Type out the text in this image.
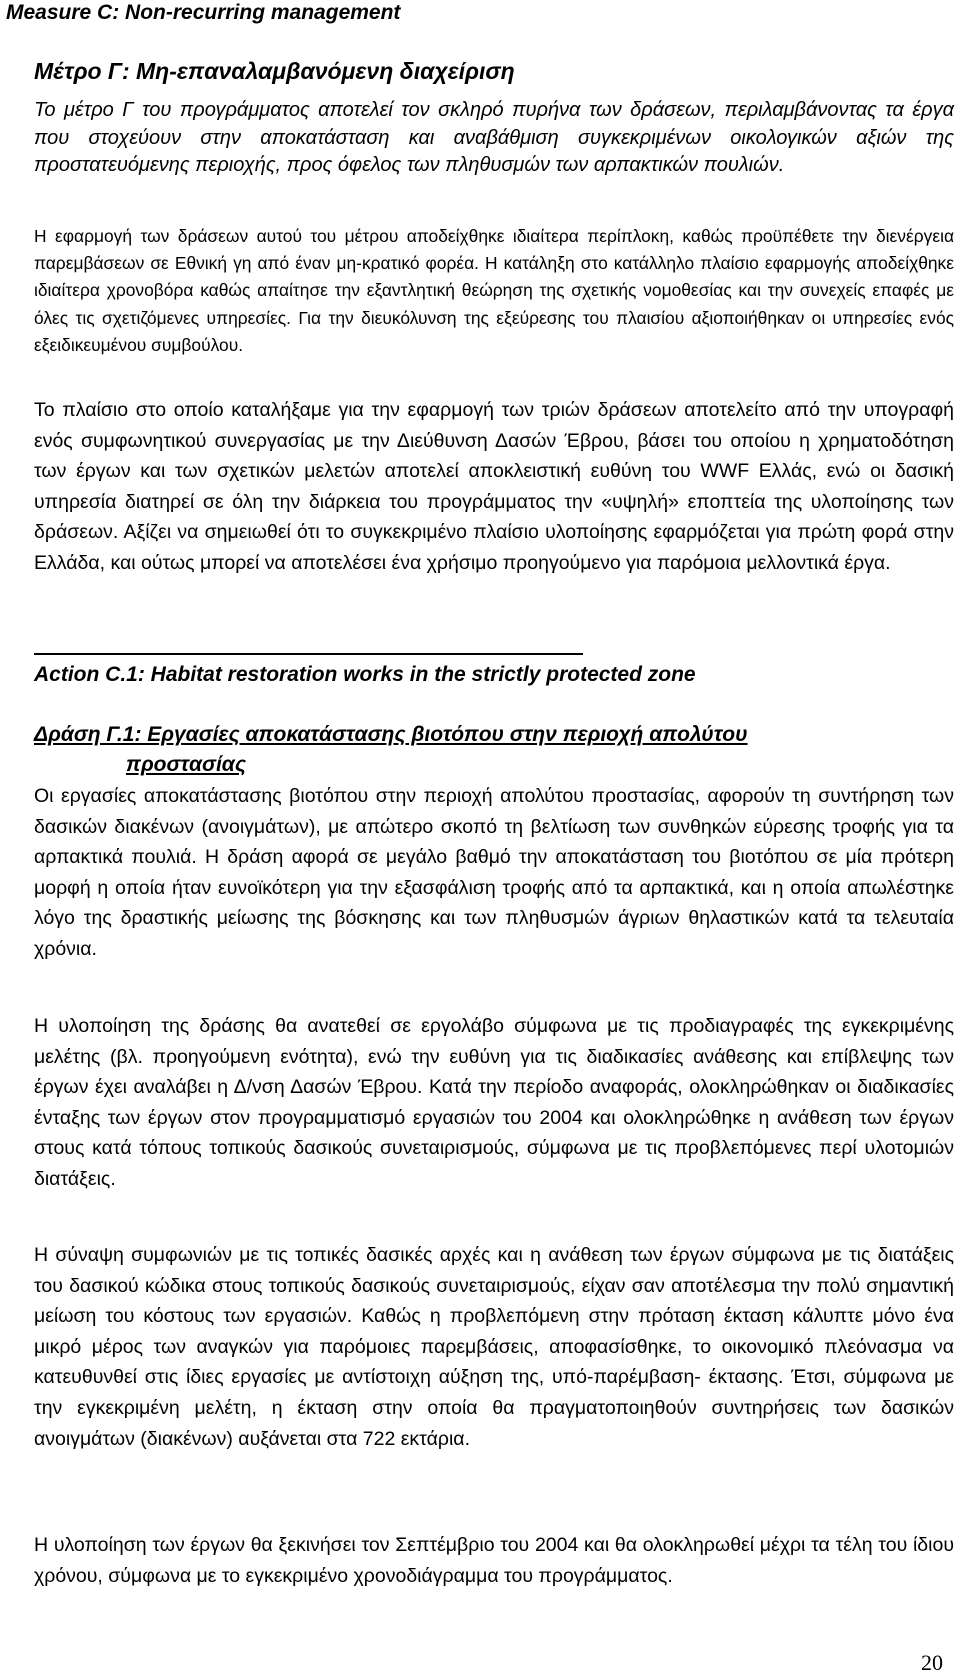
Measure C: Non-recurring management
Μέτρο Γ: Μη-επαναλαμβανόμενη διαχείριση

Το μέτρο Γ του προγράμματος αποτελεί τον σκληρό πυρήνα των δράσεων, περιλαμβάνοντας τα έργα που στοχεύουν στην αποκατάσταση και αναβάθμιση συγκεκριμένων οικολογικών αξιών της προστατευόμενης περιοχής, προς όφελος των πληθυσμών των αρπακτικών πουλιών.

Η εφαρμογή των δράσεων αυτού του μέτρου αποδείχθηκε ιδιαίτερα περίπλοκη, καθώς προϋπέθετε την διενέργεια παρεμβάσεων σε Εθνική γη από έναν μη-κρατικό φορέα. Η κατάληξη στο κατάλληλο πλαίσιο εφαρμογής αποδείχθηκε ιδιαίτερα χρονοβόρα καθώς απαίτησε την εξαντλητική θεώρηση της σχετικής νομοθεσίας και την συνεχείς επαφές με όλες τις σχετιζόμενες υπηρεσίες. Για την διευκόλυνση της εξεύρεσης του πλαισίου αξιοποιήθηκαν οι υπηρεσίες ενός εξειδικευμένου συμβούλου.

Το πλαίσιο στο οποίο καταλήξαμε για την εφαρμογή των τριών δράσεων αποτελείτο από την υπογραφή ενός συμφωνητικού συνεργασίας με την Διεύθυνση Δασών Έβρου, βάσει του οποίου η χρηματοδότηση των έργων και των σχετικών μελετών αποτελεί αποκλειστική ευθύνη του WWF Ελλάς, ενώ οι δασική υπηρεσία διατηρεί σε όλη την διάρκεια του προγράμματος την «υψηλή» εποπτεία της υλοποίησης των δράσεων. Αξίζει να σημειωθεί ότι το συγκεκριμένο πλαίσιο υλοποίησης εφαρμόζεται για πρώτη φορά στην Ελλάδα, και ούτως μπορεί να αποτελέσει ένα χρήσιμο προηγούμενο για παρόμοια μελλοντικά έργα.

Action C.1: Habitat restoration works in the strictly protected zone
Δράση Γ.1: Εργασίες αποκατάστασης βιοτόπου στην περιοχή απολύτου
προστασίας

Οι εργασίες αποκατάστασης βιοτόπου στην περιοχή απολύτου προστασίας, αφορούν τη συντήρηση των δασικών διακένων (ανοιγμάτων), με απώτερο σκοπό τη βελτίωση των συνθηκών εύρεσης τροφής για τα αρπακτικά πουλιά. Η δράση αφορά σε μεγάλο βαθμό την αποκατάσταση του βιοτόπου σε μία πρότερη μορφή η οποία ήταν ευνοϊκότερη για την εξασφάλιση τροφής από τα αρπακτικά, και η οποία απωλέστηκε λόγο της δραστικής μείωσης της βόσκησης και των πληθυσμών άγριων θηλαστικών κατά τα τελευταία χρόνια.

Η υλοποίηση της δράσης θα ανατεθεί σε εργολάβο σύμφωνα με τις προδιαγραφές της εγκεκριμένης μελέτης (βλ. προηγούμενη ενότητα), ενώ την ευθύνη για τις διαδικασίες ανάθεσης και επίβλεψης των έργων έχει αναλάβει η Δ/νση Δασών Έβρου. Κατά την περίοδο αναφοράς, ολοκληρώθηκαν οι διαδικασίες ένταξης των έργων στον προγραμματισμό εργασιών του 2004 και ολοκληρώθηκε η ανάθεση των έργων στους κατά τόπους τοπικούς δασικούς συνεταιρισμούς, σύμφωνα με τις προβλεπόμενες περί υλοτομιών διατάξεις.

Η σύναψη συμφωνιών με τις τοπικές δασικές αρχές και η ανάθεση των έργων σύμφωνα με τις διατάξεις του δασικού κώδικα στους τοπικούς δασικούς συνεταιρισμούς, είχαν σαν αποτέλεσμα την πολύ σημαντική μείωση του κόστους των εργασιών. Καθώς η προβλεπόμενη στην πρόταση έκταση κάλυπτε μόνο ένα μικρό μέρος των αναγκών για παρόμοιες παρεμβάσεις, αποφασίσθηκε, το οικονομικό πλεόνασμα να κατευθυνθεί στις ίδιες εργασίες με αντίστοιχη αύξηση της, υπό-παρέμβαση- έκτασης. Έτσι, σύμφωνα με την εγκεκριμένη μελέτη, η έκταση στην οποία θα πραγματοποιηθούν συντηρήσεις των δασικών ανοιγμάτων (διακένων) αυξάνεται στα 722 εκτάρια.

Η υλοποίηση των έργων θα ξεκινήσει τον Σεπτέμβριο του 2004 και θα ολοκληρωθεί μέχρι τα τέλη του ίδιου χρόνου, σύμφωνα με το εγκεκριμένο χρονοδιάγραμμα του προγράμματος.

20
